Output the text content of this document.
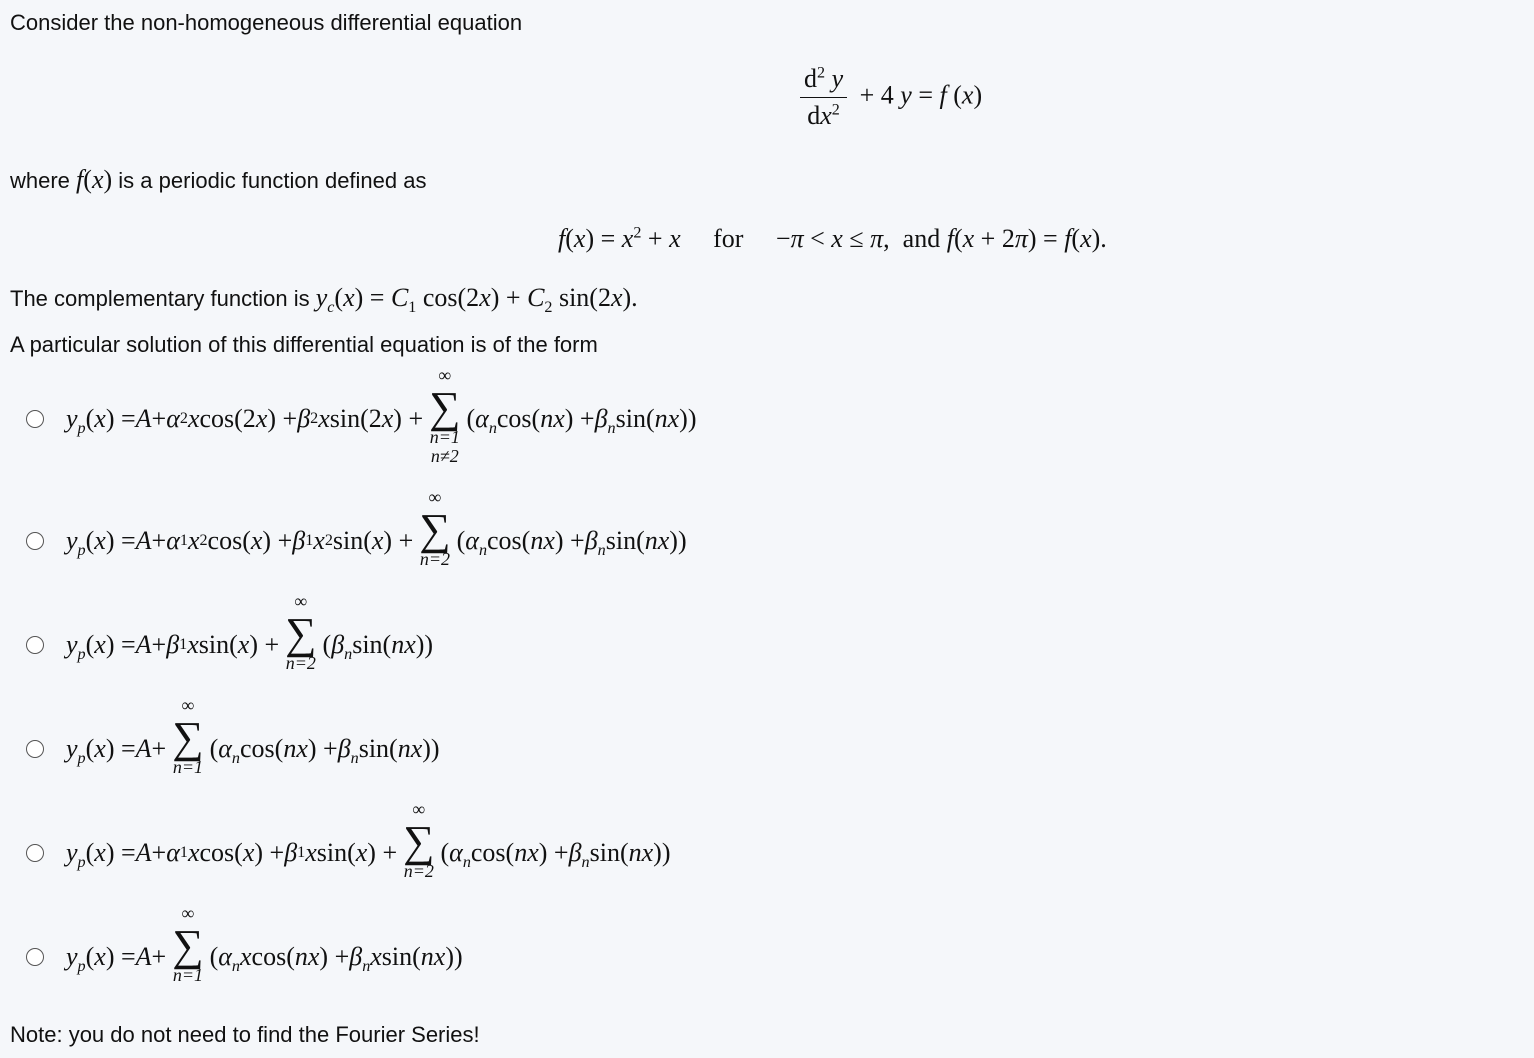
Consider the non-homogeneous differential equation
$\frac{d^2 y}{dx^2} + 4$ y = f (x)
where f(x) is a periodic function defined as
$f(x) = x^2 + x$     for     −π < x ≤ π,  and f(x + 2π) = f(x).
The complementary function is $y_c(x) = C_1$ $\cos(2x) + C_2$ sin(2x).
A particular solution of this differential equation is of the form
$y_p$ ( x ) = A + α 2 x cos(2 x ) + β 2 x sin(2 x ) +
∞
∑
n=1
n≠2
( $\alpha_n$ cos( nx ) + $\beta_n$ sin( nx ))
$y_p$ ( x ) = A + α 1 x 2 cos( x ) + β 1 x 2 sin( x ) +
∞
∑
n=2

( $\alpha_n$ cos( nx ) + $\beta_n$ sin( nx ))
$y_p$ ( x ) = A + β 1 x sin( x ) +
∞
∑
n=2

( $\beta_n$ sin( nx ))
$y_p$ ( x ) = A +
∞
∑
n=1

( $\alpha_n$ cos( nx ) + $\beta_n$ sin( nx ))
$y_p$ ( x ) = A + α 1 x cos( x ) + β 1 x sin( x ) +
∞
∑
n=2

( $\alpha_n$ cos( nx ) + $\beta_n$ sin( nx ))
$y_p$ ( x ) = A +
∞
∑
n=1

( $\alpha_nx$ cos( nx ) + $\beta_nx$ sin( nx ))
Note: you do not need to find the Fourier Series!
